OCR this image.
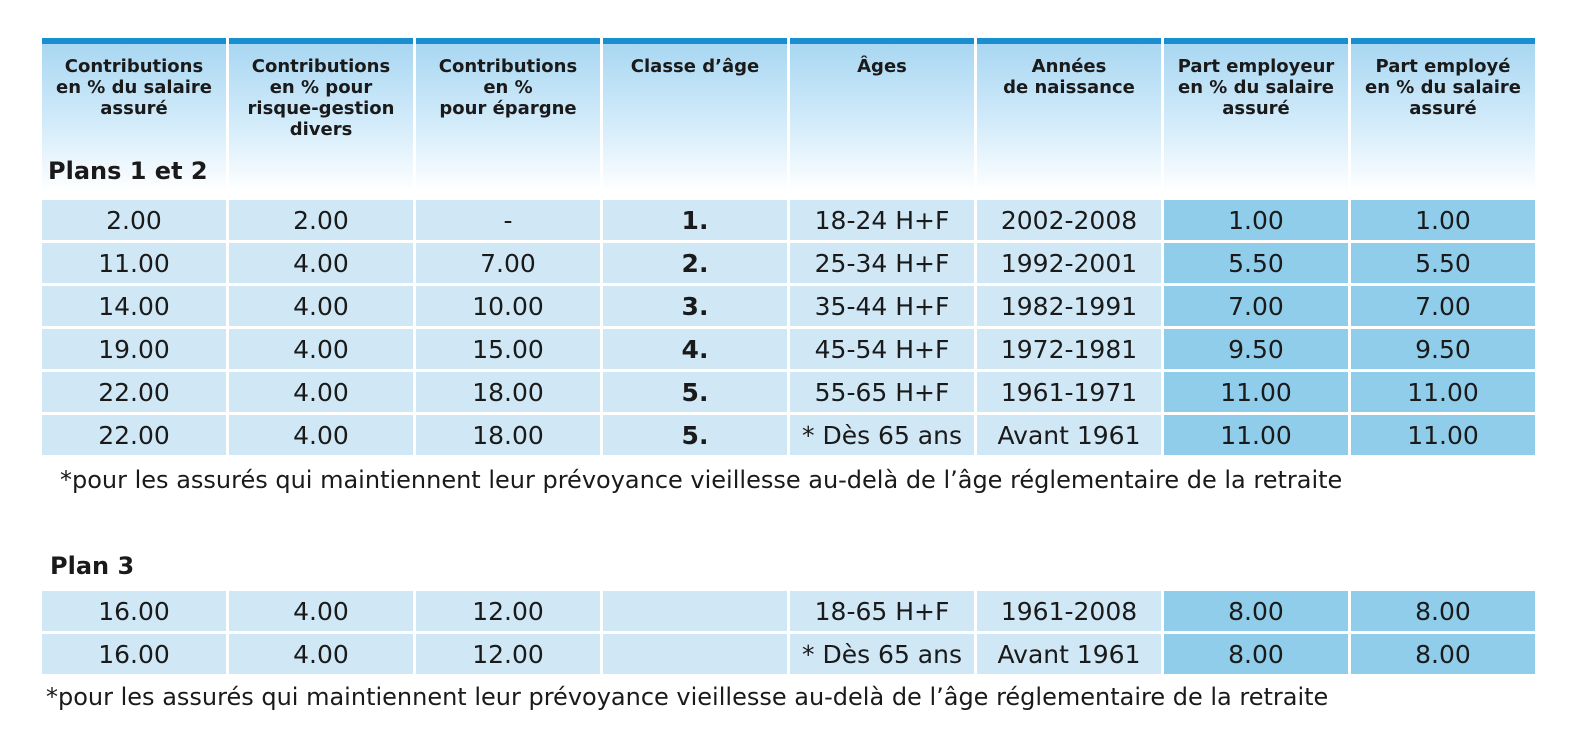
Contributions
en % du salaire
assuré
Plans 1 et 2
	Contributions
en % pour
risque-gestion
divers	Contributions
en %
pour épargne	Classe d’âge	Âges	Années
de naissance	Part employeur
en % du salaire
assuré	Part employé
en % du salaire
assuré
2.00	2.00	-	1.	18-24 H+F	2002-2008	1.00	1.00
11.00	4.00	7.00	2.	25-34 H+F	1992-2001	5.50	5.50
14.00	4.00	10.00	3.	35-44 H+F	1982-1991	7.00	7.00
19.00	4.00	15.00	4.	45-54 H+F	1972-1981	9.50	9.50
22.00	4.00	18.00	5.	55-65 H+F	1961-1971	11.00	11.00
22.00	4.00	18.00	5.	* Dès 65 ans	Avant 1961	11.00	11.00
*pour les assurés qui maintiennent leur prévoyance vieillesse au-delà de l’âge réglementaire de la retraite
Plan 3
16.00	4.00	12.00		18-65 H+F	1961-2008	8.00	8.00
16.00	4.00	12.00		* Dès 65 ans	Avant 1961	8.00	8.00
*pour les assurés qui maintiennent leur prévoyance vieillesse au-delà de l’âge réglementaire de la retraite
